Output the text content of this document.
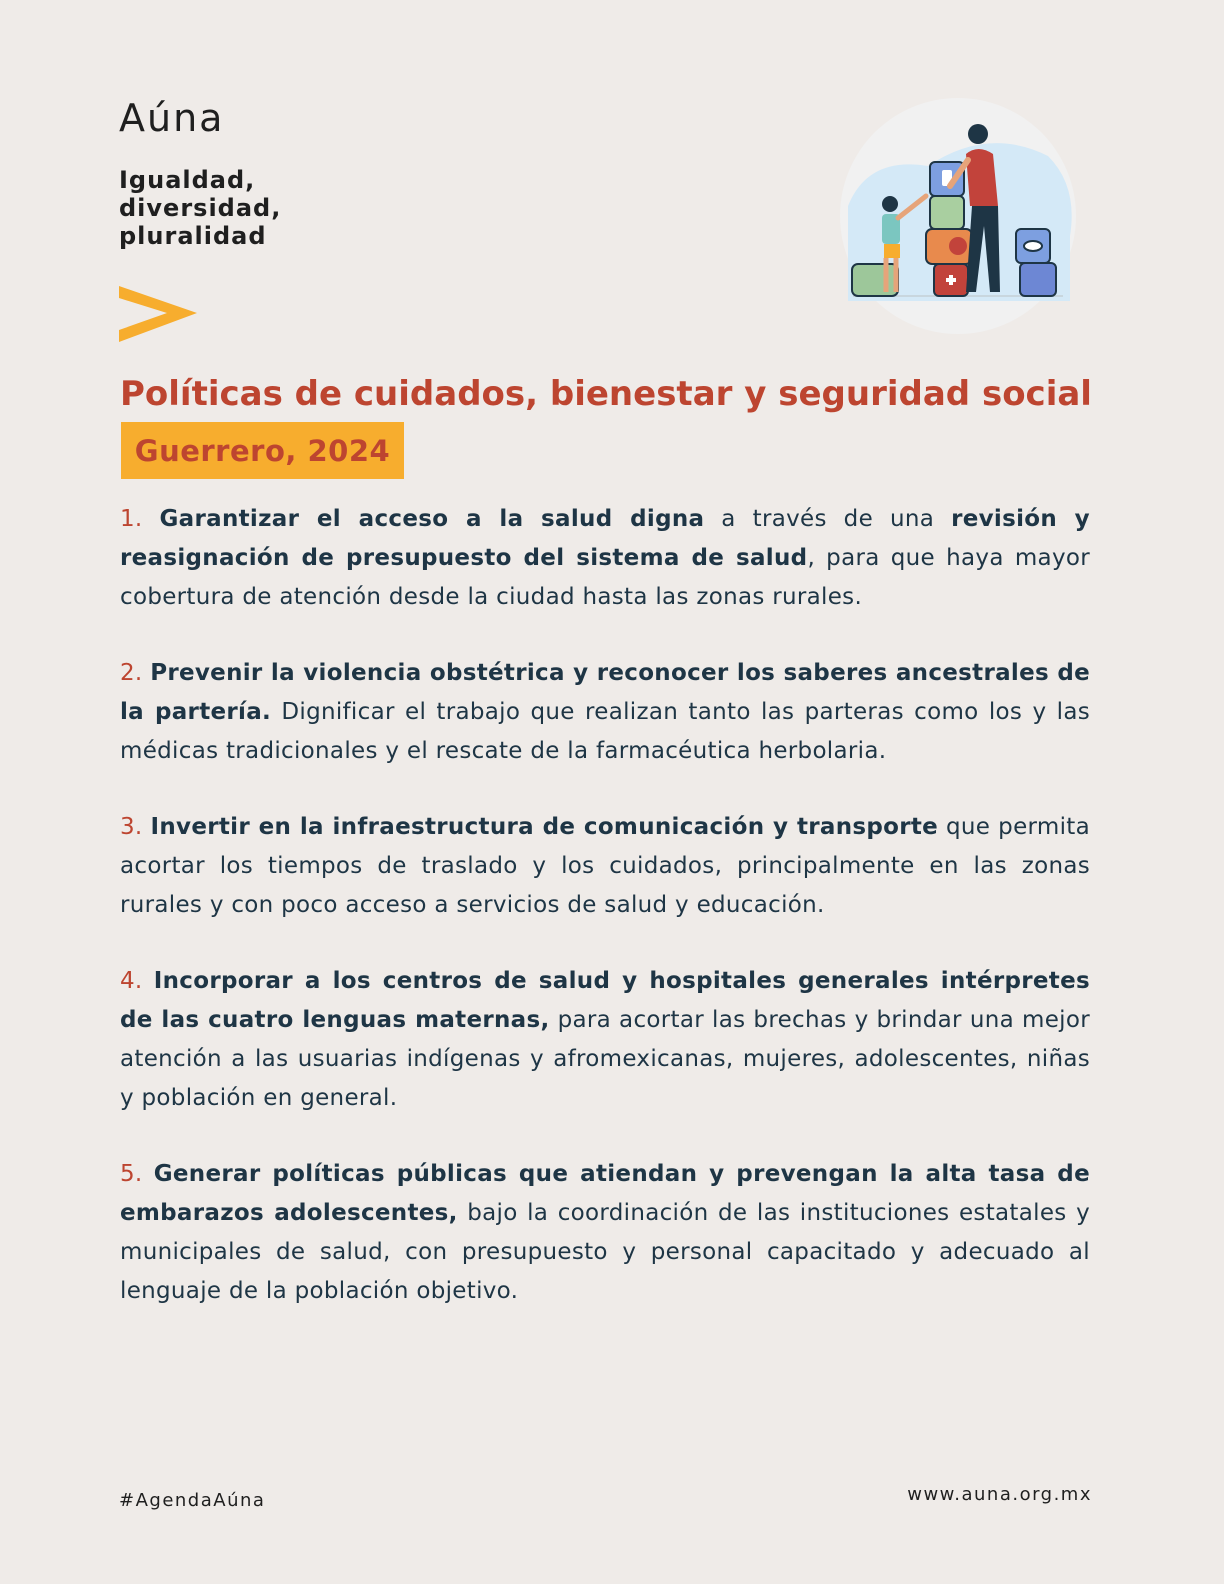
Aúna
Igualdad,
diversidad,
pluralidad
Políticas de cuidados, bienestar y seguridad social
Guerrero, 2024

1. Garantizar el acceso a la salud digna a través de una revisión y reasignación de presupuesto del sistema de salud, para que haya mayor cobertura de atención desde la ciudad hasta las zonas rurales.

2. Prevenir la violencia obstétrica y reconocer los saberes ancestrales de la partería. Dignificar el trabajo que realizan tanto las parteras como los y las médicas tradicionales y el rescate de la farmacéutica herbolaria.

3. Invertir en la infraestructura de comunicación y transporte que permita acortar los tiempos de traslado y los cuidados, principalmente en las zonas rurales y con poco acceso a servicios de salud y educación.

4. Incorporar a los centros de salud y hospitales generales intérpretes de las cuatro lenguas maternas, para acortar las brechas y brindar una mejor atención a las usuarias indígenas y afromexicanas, mujeres, adolescentes, niñas y población en general.

5. Generar políticas públicas que atiendan y prevengan la alta tasa de embarazos adolescentes, bajo la coordinación de las instituciones estatales y municipales de salud, con presupuesto y personal capacitado y adecuado al lenguaje de la población objetivo.

#AgendaAúna	www.auna.org.mx
